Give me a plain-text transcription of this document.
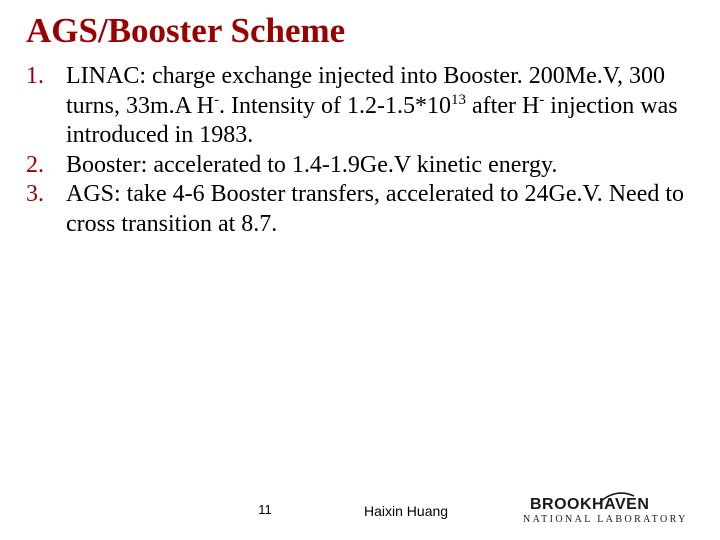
AGS/Booster Scheme
1. LINAC: charge exchange injected into Booster. 200Me.V, 300 turns, 33m.A H-. Intensity of $1.2-1.5*10^{13}$ after H- injection was introduced in 1983.
2. Booster: accelerated to 1.4-1.9Ge.V kinetic energy.
3. AGS: take 4-6 Booster transfers, accelerated to 24Ge.V. Need to cross transition at 8.7.
11	Haixin Huang	BROOKHAVEN
NATIONAL LABORATORY
